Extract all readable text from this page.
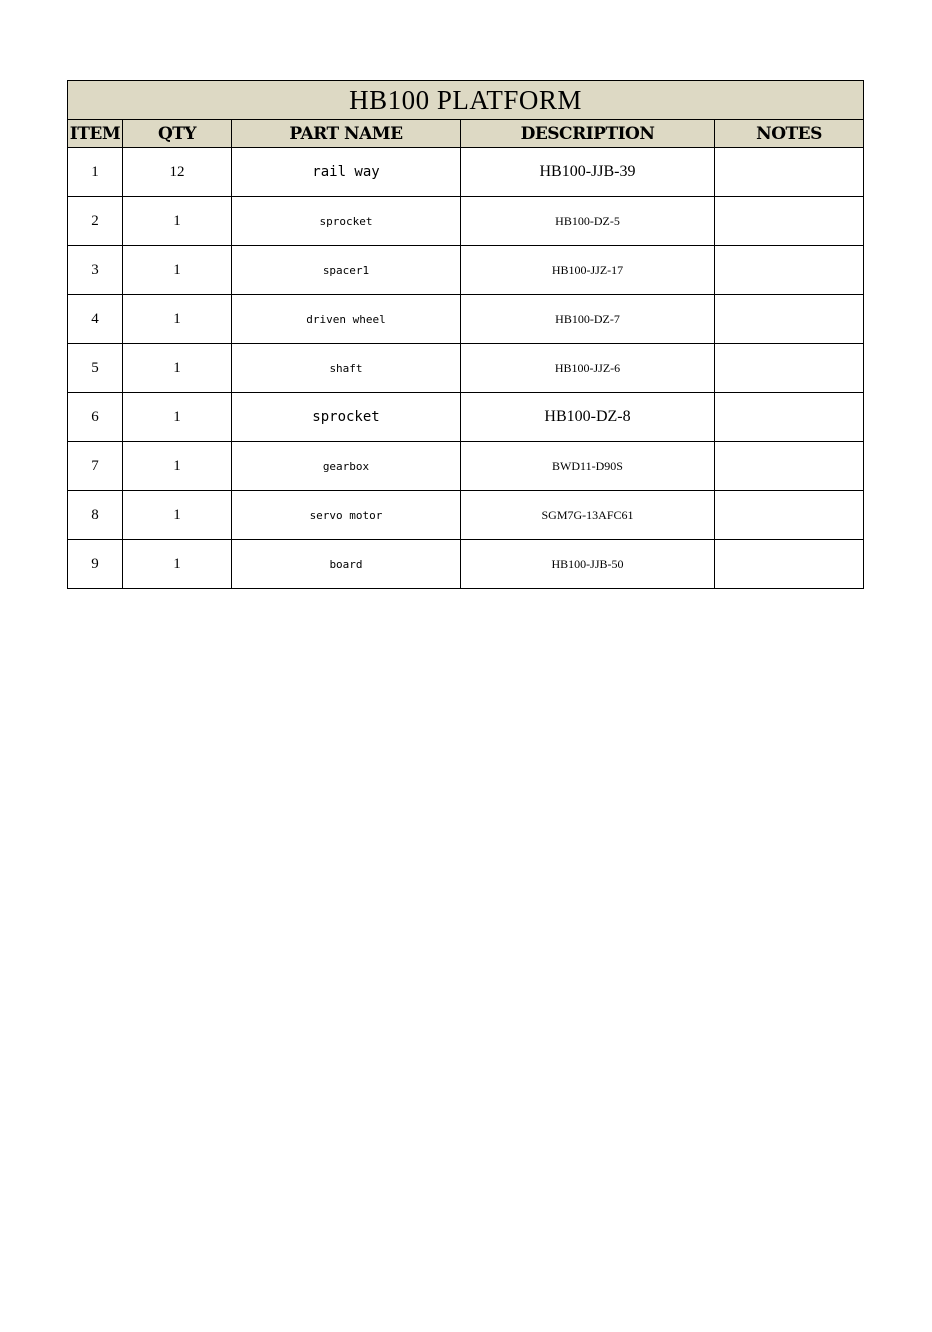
HB100 PLATFORM				
ITEM	QTY	PART NAME	DESCRIPTION	NOTES
1	12	rail way	HB100-JJB-39	
2	1	sprocket	HB100-DZ-5	
3	1	spacer1	HB100-JJZ-17	
4	1	driven wheel	HB100-DZ-7	
5	1	shaft	HB100-JJZ-6	
6	1	sprocket	HB100-DZ-8	
7	1	gearbox	BWD11-D90S	
8	1	servo motor	SGM7G-13AFC61	
9	1	board	HB100-JJB-50	
